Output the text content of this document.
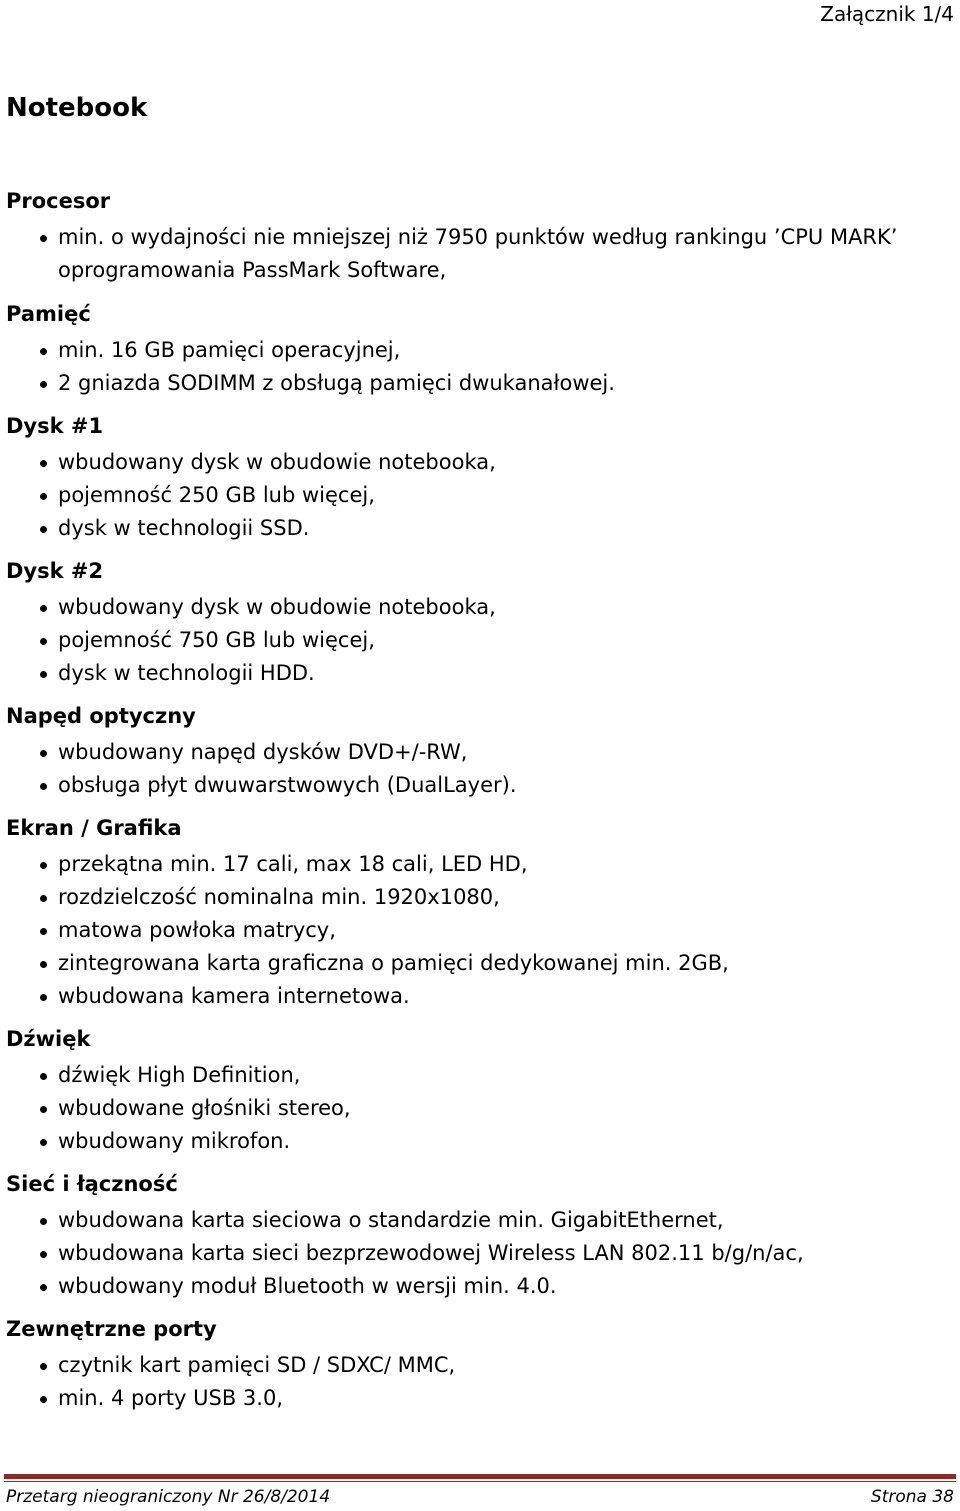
Załącznik 1/4
Notebook
Procesor
min. o wydajności nie mniejszej niż 7950 punktów według rankingu ’CPU MARK’ oprogramowania PassMark Software,
Pamięć
min. 16 GB pamięci operacyjnej,
2 gniazda SODIMM z obsługą pamięci dwukanałowej.
Dysk #1
wbudowany dysk w obudowie notebooka,
pojemność 250 GB lub więcej,
dysk w technologii SSD.
Dysk #2
wbudowany dysk w obudowie notebooka,
pojemność 750 GB lub więcej,
dysk w technologii HDD.
Napęd optyczny
wbudowany napęd dysków DVD+/-RW,
obsługa płyt dwuwarstwowych (DualLayer).
Ekran / Grafika
przekątna min. 17 cali, max 18 cali, LED HD,
rozdzielczość nominalna min. 1920x1080,
matowa powłoka matrycy,
zintegrowana karta graficzna o pamięci dedykowanej min. 2GB,
wbudowana kamera internetowa.
Dźwięk
dźwięk High Definition,
wbudowane głośniki stereo,
wbudowany mikrofon.
Sieć i łączność
wbudowana karta sieciowa o standardzie min. GigabitEthernet,
wbudowana karta sieci bezprzewodowej Wireless LAN 802.11 b/g/n/ac,
wbudowany moduł Bluetooth w wersji min. 4.0.
Zewnętrzne porty
czytnik kart pamięci SD / SDXC/ MMC,
min. 4 porty USB 3.0,
Przetarg nieograniczony Nr 26/8/2014	Strona 38
